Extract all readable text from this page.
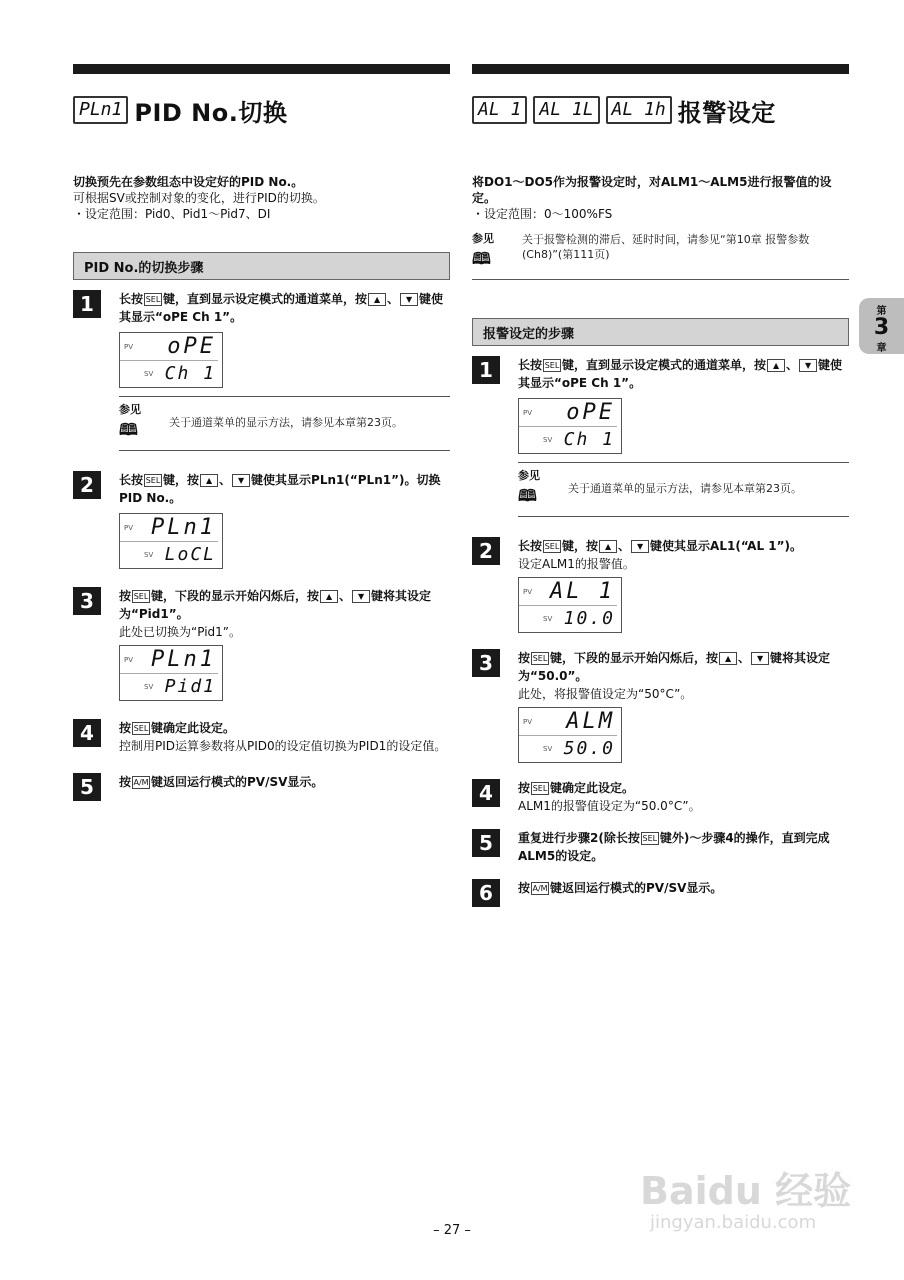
PLn1 PID No.切换
切换预先在参数组态中设定好的PID No.。
可根据SV或控制对象的变化，进行PID的切换。
・设定范围：Pid0、Pid1～Pid7、DI
PID No.的切换步骤
1	长按 SEL 键，直到显示设定模式的通道菜单，按 ▲ 、 ▼ 键使其显示“oPE Ch 1”。
PV oPE
SV Ch 1
参见
🕮	关于通道菜单的显示方法，请参见本章第23页。
2	长按 SEL 键，按 ▲ 、 ▼ 键使其显示PLn1(“PLn1”)。切换PID No.。
PV PLn1
SV LoCL
3	按 SEL 键，下段的显示开始闪烁后，按 ▲ 、 ▼ 键将其设定为“Pid1”。
此处已切换为“Pid1”。
PV PLn1
SV Pid1
4	按 SEL 键确定此设定。
控制用PID运算参数将从PID0的设定值切换为PID1的设定值。
5	按 A/M 键返回运行模式的PV/SV显示。
AL 1	AL 1L	AL 1h 报警设定
将DO1～DO5作为报警设定时，对ALM1～ALM5进行报警值的设定。
・设定范围：0～100%FS
参见
🕮
关于报警检测的滞后、延时时间，请参见“第10章 报警参数(Ch8)”(第111页)
报警设定的步骤
1	长按 SEL 键，直到显示设定模式的通道菜单，按 ▲ 、 ▼ 键使其显示“oPE Ch 1”。
PV oPE
SV Ch 1
参见
🕮	关于通道菜单的显示方法，请参见本章第23页。
2	长按 SEL 键，按 ▲ 、 ▼ 键使其显示AL1(“AL 1”)。
设定ALM1的报警值。
PV AL 1
SV 10.0
3	按 SEL 键，下段的显示开始闪烁后，按 ▲ 、 ▼ 键将其设定为“50.0”。
此处，将报警值设定为“50°C”。
PV ALM
SV 50.0
4	按 SEL 键确定此设定。
ALM1的报警值设定为“50.0°C”。
5	重复进行步骤2(除长按 SEL 键外)～步骤4的操作，直到完成ALM5的设定。
6	按 A/M 键返回运行模式的PV/SV显示。
第
3
章
Baidu 经验
jingyan.baidu.com
– 27 –
